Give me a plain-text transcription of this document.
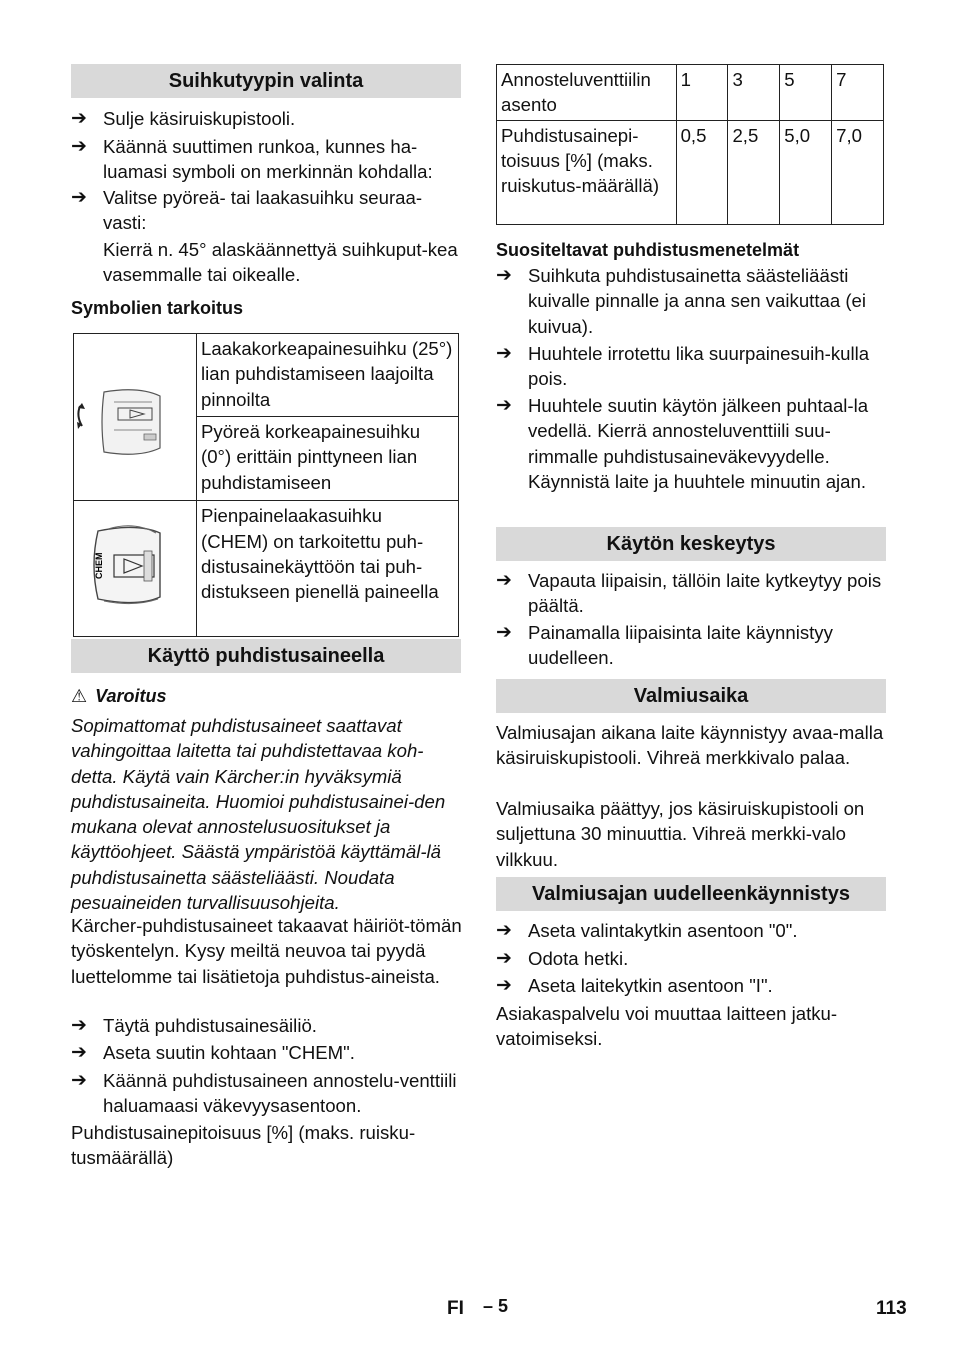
Suihkutyypin valinta
➔ Sulje käsiruiskupistooli.
➔ Käännä suuttimen runkoa, kunnes ha-luamasi symboli on merkinnän kohdalla:
➔ Valitse pyöreä- tai laakasuihku seuraa-vasti:
Kierrä n. 45° alaskäännettyä suihkuput-kea vasemmalle tai oikealle.
Symbolien tarkoitus
	Laakakorkeapainesuihku (25°) lian puhdistamiseen laajoilta pinnoilta
	Pyöreä korkeapainesuihku (0°) erittäin pinttyneen lian puhdistamiseen

CHEM	Pienpainelaakasuihku (CHEM) on tarkoitettu puh-distusainekäyttöön tai puh-distukseen pienellä paineella
Käyttö puhdistusaineella
⚠ Varoitus
Sopimattomat puhdistusaineet saattavat vahingoittaa laitetta tai puhdistettavaa koh-detta. Käytä vain Kärcher:in hyväksymiä puhdistusaineita. Huomioi puhdistusainei-den mukana olevat annostelusuositukset ja käyttöohjeet. Säästä ympäristöä käyttämäl-lä puhdistusainetta säästeliäästi. Noudata pesuaineiden turvallisuusohjeita.
Kärcher-puhdistusaineet takaavat häiriöt-tömän työskentelyn. Kysy meiltä neuvoa tai pyydä luettelomme tai lisätietoja puhdistus-aineista.
➔ Täytä puhdistusainesäiliö.
➔ Aseta suutin kohtaan "CHEM".
➔ Käännä puhdistusaineen annostelu-venttiili haluamaasi väkevyysasentoon.
Puhdistusainepitoisuus [%] (maks. ruisku-tusmäärällä)
Annosteluventtiilin asento	1	3	5	7
Puhdistusainepi-toisuus [%] (maks. ruiskutus-määrällä)	0,5	2,5	5,0	7,0
Suositeltavat puhdistusmenetelmät
➔ Suihkuta puhdistusainetta säästeliäästi kuivalle pinnalle ja anna sen vaikuttaa (ei kuivua).
➔ Huuhtele irrotettu lika suurpainesuih-kulla pois.
➔ Huuhtele suutin käytön jälkeen puhtaal-la vedellä. Kierrä annosteluventtiili suu-rimmalle puhdistusaineväkevyydelle. Käynnistä laite ja huuhtele minuutin ajan.
Käytön keskeytys
➔ Vapauta liipaisin, tällöin laite kytkeytyy pois päältä.
➔ Painamalla liipaisinta laite käynnistyy uudelleen.
Valmiusaika
Valmiusajan aikana laite käynnistyy avaa-malla käsiruiskupistooli. Vihreä merkkivalo palaa.
Valmiusaika päättyy, jos käsiruiskupistooli on suljettuna 30 minuuttia. Vihreä merkki-valo vilkkuu.
Valmiusajan uudelleenkäynnistys
➔ Aseta valintakytkin asentoon "0".
➔ Odota hetki.
➔ Aseta laitekytkin asentoon "I".
Asiakaspalvelu voi muuttaa laitteen jatku-vatoimiseksi.
FI – 5	113
